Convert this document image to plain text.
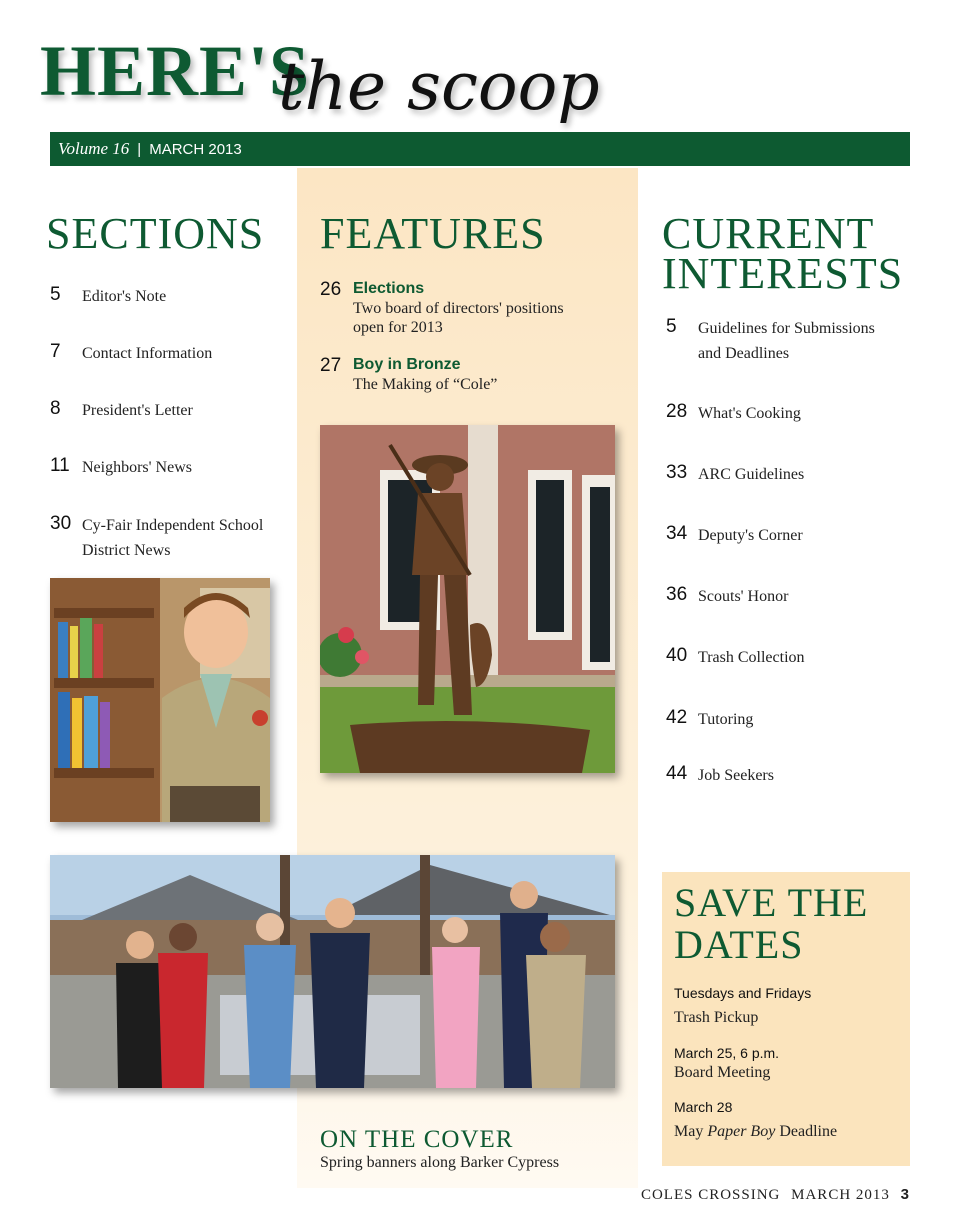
HERE'S
the scoop
Volume 16 | MARCH 2013
SECTIONS
5	Editor's Note
7	Contact Information
8	President's Letter
11 Neighbors' News
30 Cy-Fair Independent School
District News
FEATURES
26 Elections
Two board of directors' positions
open for 2013
27 Boy in Bronze
The Making of “Cole”
CURRENT
INTERESTS
5	Guidelines for Submissions
and Deadlines
28 What's Cooking
33 ARC Guidelines
34 Deputy's Corner
36 Scouts' Honor
40 Trash Collection
42 Tutoring
44 Job Seekers
ON THE COVER
Spring banners along Barker Cypress
SAVE THE
DATES
Tuesdays and Fridays
Trash Pickup
March 25, 6 p.m.
Board Meeting
March 28
May Paper Boy Deadline
COLES CROSSING MARCH 2013 3
